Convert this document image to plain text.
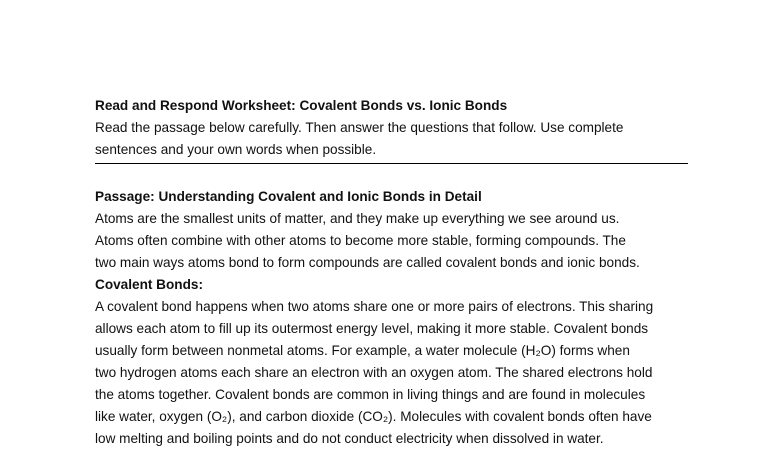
Read and Respond Worksheet: Covalent Bonds vs. Ionic Bonds
Read the passage below carefully. Then answer the questions that follow. Use complete
sentences and your own words when possible.
Passage: Understanding Covalent and Ionic Bonds in Detail
Atoms are the smallest units of matter, and they make up everything we see around us.
Atoms often combine with other atoms to become more stable, forming compounds. The
two main ways atoms bond to form compounds are called covalent bonds and ionic bonds.
Covalent Bonds:
A covalent bond happens when two atoms share one or more pairs of electrons. This sharing
allows each atom to fill up its outermost energy level, making it more stable. Covalent bonds
usually form between nonmetal atoms. For example, a water molecule (H₂O) forms when
two hydrogen atoms each share an electron with an oxygen atom. The shared electrons hold
the atoms together. Covalent bonds are common in living things and are found in molecules
like water, oxygen (O₂), and carbon dioxide (CO₂). Molecules with covalent bonds often have
low melting and boiling points and do not conduct electricity when dissolved in water.
